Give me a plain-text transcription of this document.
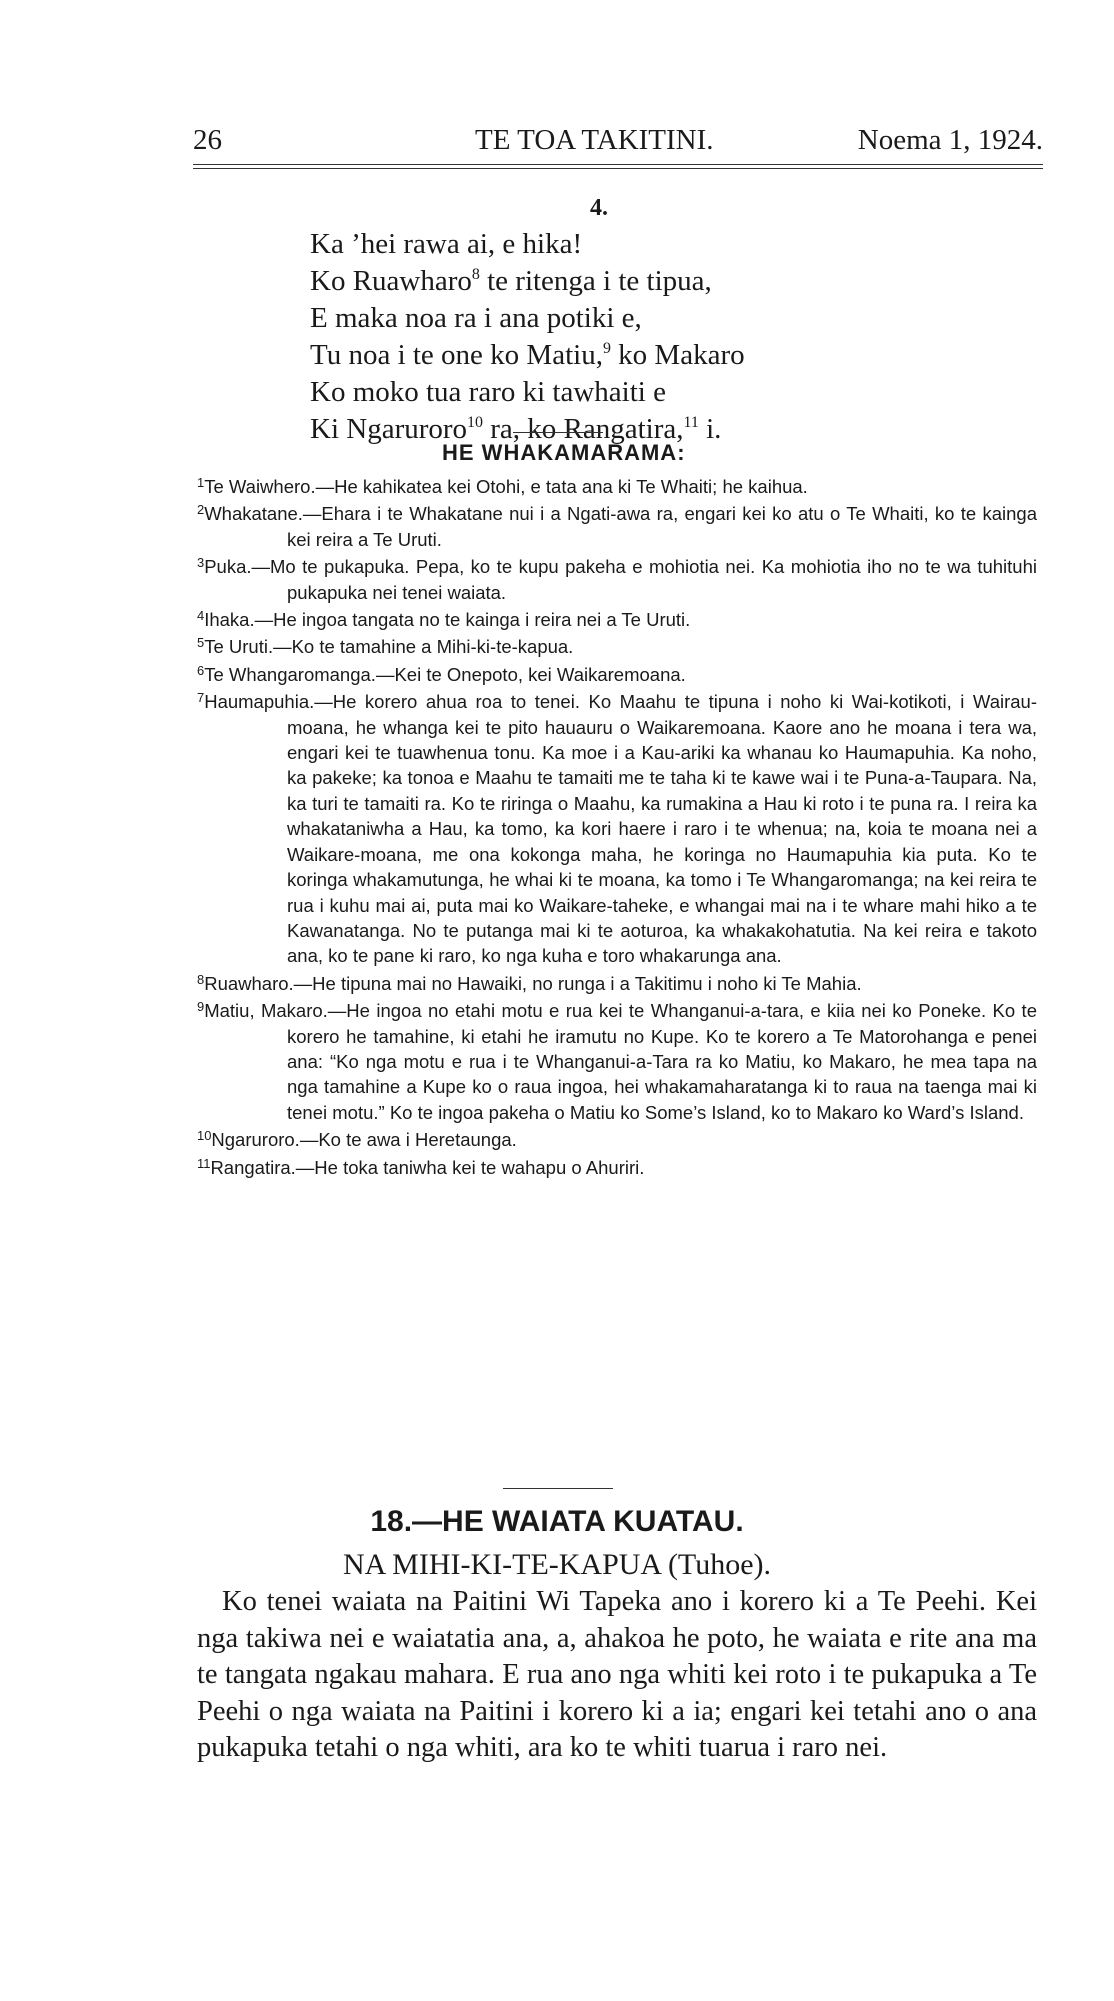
26	TE TOA TAKITINI.	Noema 1, 1924.
4.
Ka ’hei rawa ai, e hika!
Ko Ruawharo$^8$ te ritenga i te tipua,
E maka noa ra i ana potiki e,
Tu noa i te one ko Matiu,$^9$ ko Makaro
Ko moko tua raro ki tawhaiti e
Ki Ngaruroro$^{10}$ ra, ko Rangatira,$^{11}$ i.
HE WHAKAMARAMA:
$^1$Te Waiwhero.—He kahikatea kei Otohi, e tata ana ki Te Whaiti; he kaihua.
$^2$Whakatane.—Ehara i te Whakatane nui i a Ngati-awa ra, engari kei ko atu o Te Whaiti, ko te kainga kei reira a Te Uruti.
$^3$Puka.—Mo te pukapuka. Pepa, ko te kupu pakeha e mohiotia nei. Ka mohiotia iho no te wa tuhituhi pukapuka nei tenei waiata.
$^4$Ihaka.—He ingoa tangata no te kainga i reira nei a Te Uruti.
$^5$Te Uruti.—Ko te tamahine a Mihi-ki-te-kapua.
$^6$Te Whangaromanga.—Kei te Onepoto, kei Waikaremoana.
$^7$Haumapuhia.—He korero ahua roa to tenei. Ko Maahu te tipuna i noho ki Wai-kotikoti, i Wairau-moana, he whanga kei te pito hauauru o Waikaremoana. Kaore ano he moana i tera wa, engari kei te tuawhenua tonu. Ka moe i a Kau-ariki ka whanau ko Haumapuhia. Ka noho, ka pakeke; ka tonoa e Maahu te tamaiti me te taha ki te kawe wai i te Puna-a-Taupara. Na, ka turi te tamaiti ra. Ko te riringa o Maahu, ka rumakina a Hau ki roto i te puna ra. I reira ka whakataniwha a Hau, ka tomo, ka kori haere i raro i te whenua; na, koia te moana nei a Waikare-moana, me ona kokonga maha, he koringa no Haumapuhia kia puta. Ko te koringa whakamutunga, he whai ki te moana, ka tomo i Te Whangaromanga; na kei reira te rua i kuhu mai ai, puta mai ko Waikare-taheke, e whangai mai na i te whare mahi hiko a te Kawanatanga. No te putanga mai ki te aoturoa, ka whakakohatutia. Na kei reira e takoto ana, ko te pane ki raro, ko nga kuha e toro whakarunga ana.
$^8$Ruawharo.—He tipuna mai no Hawaiki, no runga i a Takitimu i noho ki Te Mahia.
$^9$Matiu, Makaro.—He ingoa no etahi motu e rua kei te Whanganui-a-tara, e kiia nei ko Poneke. Ko te korero he tamahine, ki etahi he iramutu no Kupe. Ko te korero a Te Matorohanga e penei ana: “Ko nga motu e rua i te Whanganui-a-Tara ra ko Matiu, ko Makaro, he mea tapa na nga tamahine a Kupe ko o raua ingoa, hei whakamaharatanga ki to raua na taenga mai ki tenei motu.” Ko te ingoa pakeha o Matiu ko Some’s Island, ko to Makaro ko Ward’s Island.
$^{10}$Ngaruroro.—Ko te awa i Heretaunga.
$^{11}$Rangatira.—He toka taniwha kei te wahapu o Ahuriri.
18.—HE WAIATA KUATAU.
NA MIHI-KI-TE-KAPUA (Tuhoe).
Ko tenei waiata na Paitini Wi Tapeka ano i korero ki a Te Peehi. Kei nga takiwa nei e waiatatia ana, a, ahakoa he poto, he waiata e rite ana ma te tangata ngakau mahara. E rua ano nga whiti kei roto i te pukapuka a Te Peehi o nga waiata na Paitini i korero ki a ia; engari kei tetahi ano o ana pukapuka tetahi o nga whiti, ara ko te whiti tuarua i raro nei.
